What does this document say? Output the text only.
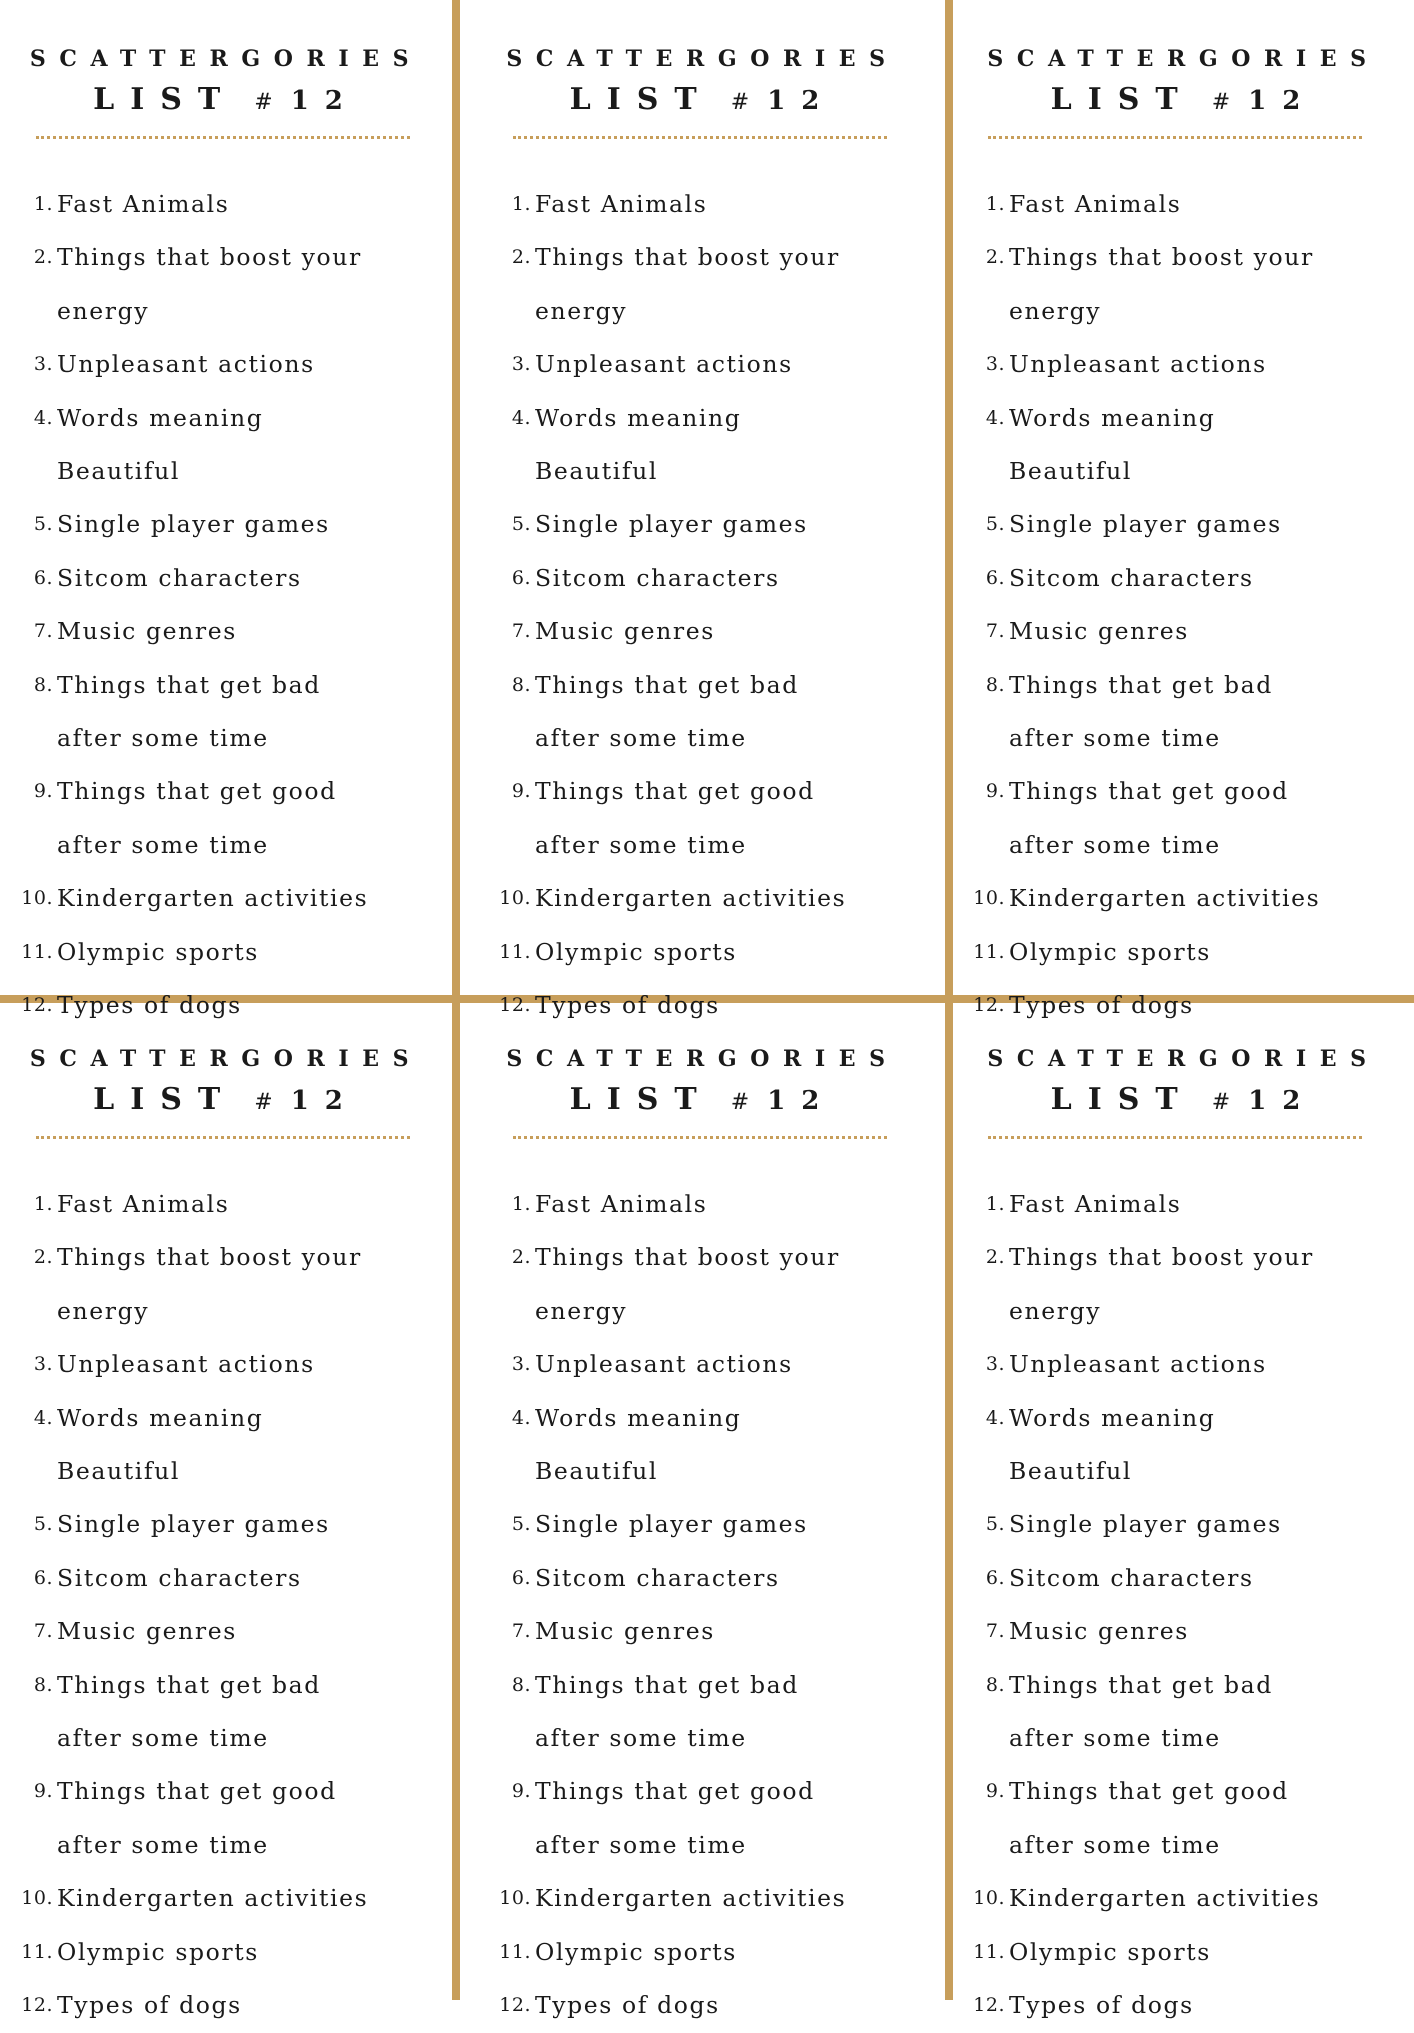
SCATTERGORIES
LIST #12
1. Fast Animals
2. Things that boost your energy
3. Unpleasant actions
4. Words meaning Beautiful
5. Single player games
6. Sitcom characters
7. Music genres
8. Things that get bad after some time
9. Things that get good after some time
10. Kindergarten activities
11. Olympic sports
12. Types of dogs
SCATTERGORIES
LIST #12
1. Fast Animals
2. Things that boost your energy
3. Unpleasant actions
4. Words meaning Beautiful
5. Single player games
6. Sitcom characters
7. Music genres
8. Things that get bad after some time
9. Things that get good after some time
10. Kindergarten activities
11. Olympic sports
12. Types of dogs
SCATTERGORIES
LIST #12
1. Fast Animals
2. Things that boost your energy
3. Unpleasant actions
4. Words meaning Beautiful
5. Single player games
6. Sitcom characters
7. Music genres
8. Things that get bad after some time
9. Things that get good after some time
10. Kindergarten activities
11. Olympic sports
12. Types of dogs
SCATTERGORIES
LIST #12
1. Fast Animals
2. Things that boost your energy
3. Unpleasant actions
4. Words meaning Beautiful
5. Single player games
6. Sitcom characters
7. Music genres
8. Things that get bad after some time
9. Things that get good after some time
10. Kindergarten activities
11. Olympic sports
12. Types of dogs
SCATTERGORIES
LIST #12
1. Fast Animals
2. Things that boost your energy
3. Unpleasant actions
4. Words meaning Beautiful
5. Single player games
6. Sitcom characters
7. Music genres
8. Things that get bad after some time
9. Things that get good after some time
10. Kindergarten activities
11. Olympic sports
12. Types of dogs
SCATTERGORIES
LIST #12
1. Fast Animals
2. Things that boost your energy
3. Unpleasant actions
4. Words meaning Beautiful
5. Single player games
6. Sitcom characters
7. Music genres
8. Things that get bad after some time
9. Things that get good after some time
10. Kindergarten activities
11. Olympic sports
12. Types of dogs
